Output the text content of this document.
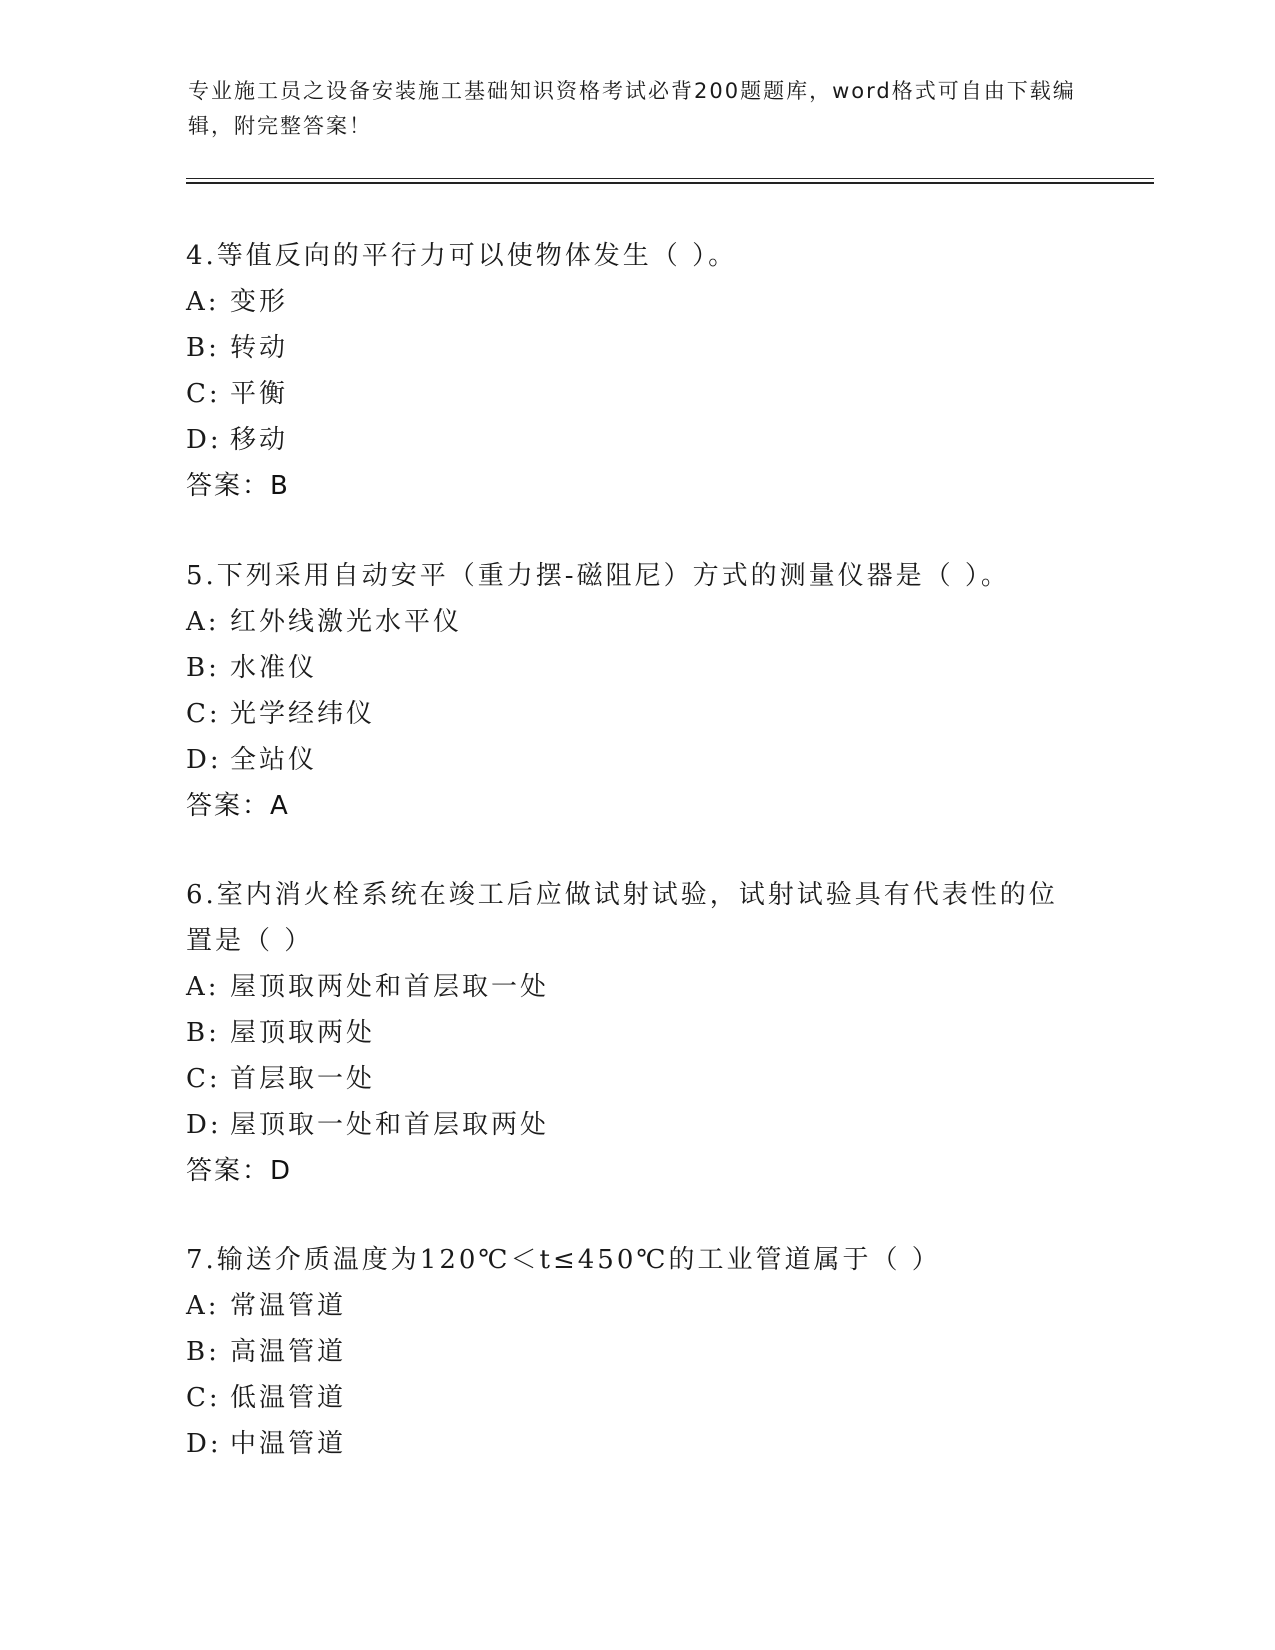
专业施工员之设备安装施工基础知识资格考试必背200题题库，word格式可自由下载编辑，附完整答案！

4.等值反向的平行力可以使物体发生（ ）。

A: 变形
B: 转动
C: 平衡
D: 移动
答案：B

5.下列采用自动安平（重力摆-磁阻尼）方式的测量仪器是（ ）。

A: 红外线激光水平仪
B: 水准仪
C: 光学经纬仪
D: 全站仪
答案：A

6.室内消火栓系统在竣工后应做试射试验，试射试验具有代表性的位置是（ ）

A: 屋顶取两处和首层取一处
B: 屋顶取两处
C: 首层取一处
D: 屋顶取一处和首层取两处
答案：D

7.输送介质温度为120℃＜t≤450℃的工业管道属于（ ）

A: 常温管道
B: 高温管道
C: 低温管道
D: 中温管道
